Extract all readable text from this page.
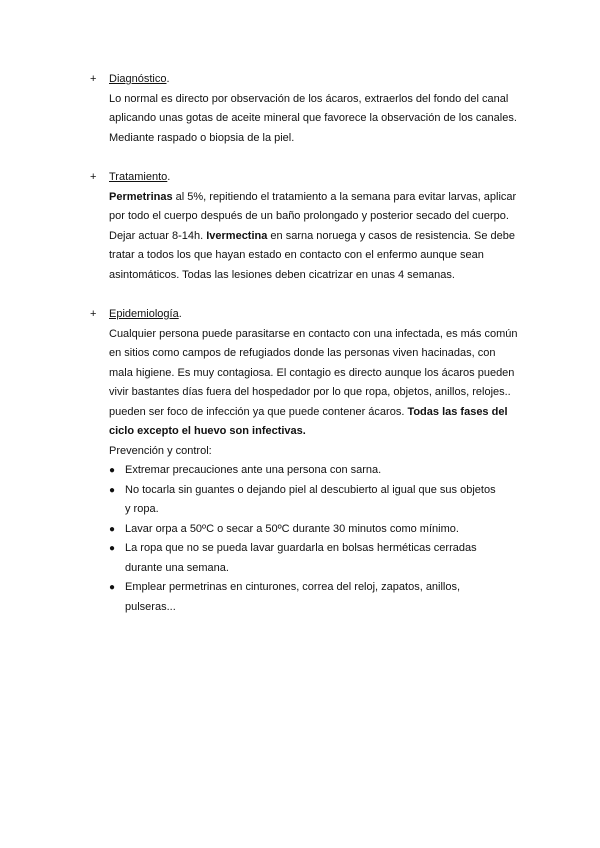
+	Diagnóstico.

Lo normal es directo por observación de los ácaros, extraerlos del fondo del canal aplicando unas gotas de aceite mineral que favorece la observación de los canales. Mediante raspado o biopsia de la piel.

+	Tratamiento.

Permetrinas al 5%, repitiendo el tratamiento a la semana para evitar larvas, aplicar por todo el cuerpo después de un baño prolongado y posterior secado del cuerpo. Dejar actuar 8-14h. Ivermectina en sarna noruega y casos de resistencia. Se debe tratar a todos los que hayan estado en contacto con el enfermo aunque sean asintomáticos. Todas las lesiones deben cicatrizar en unas 4 semanas.

+	Epidemiología.

Cualquier persona puede parasitarse en contacto con una infectada, es más común en sitios como campos de refugiados donde las personas viven hacinadas, con mala higiene. Es muy contagiosa. El contagio es directo aunque los ácaros pueden vivir bastantes días fuera del hospedador por lo que ropa, objetos, anillos, relojes.. pueden ser foco de infección ya que puede contener ácaros. Todas las fases del ciclo excepto el huevo son infectivas.

Prevención y control:

● Extremar precauciones ante una persona con sarna.
● No tocarla sin guantes o dejando piel al descubierto al igual que sus objetos y ropa.
● Lavar orpa a 50ºC o secar a 50ºC durante 30 minutos como mínimo.
● La ropa que no se pueda lavar guardarla en bolsas herméticas cerradas durante una semana.
● Emplear permetrinas en cinturones, correa del reloj, zapatos, anillos, pulseras...
